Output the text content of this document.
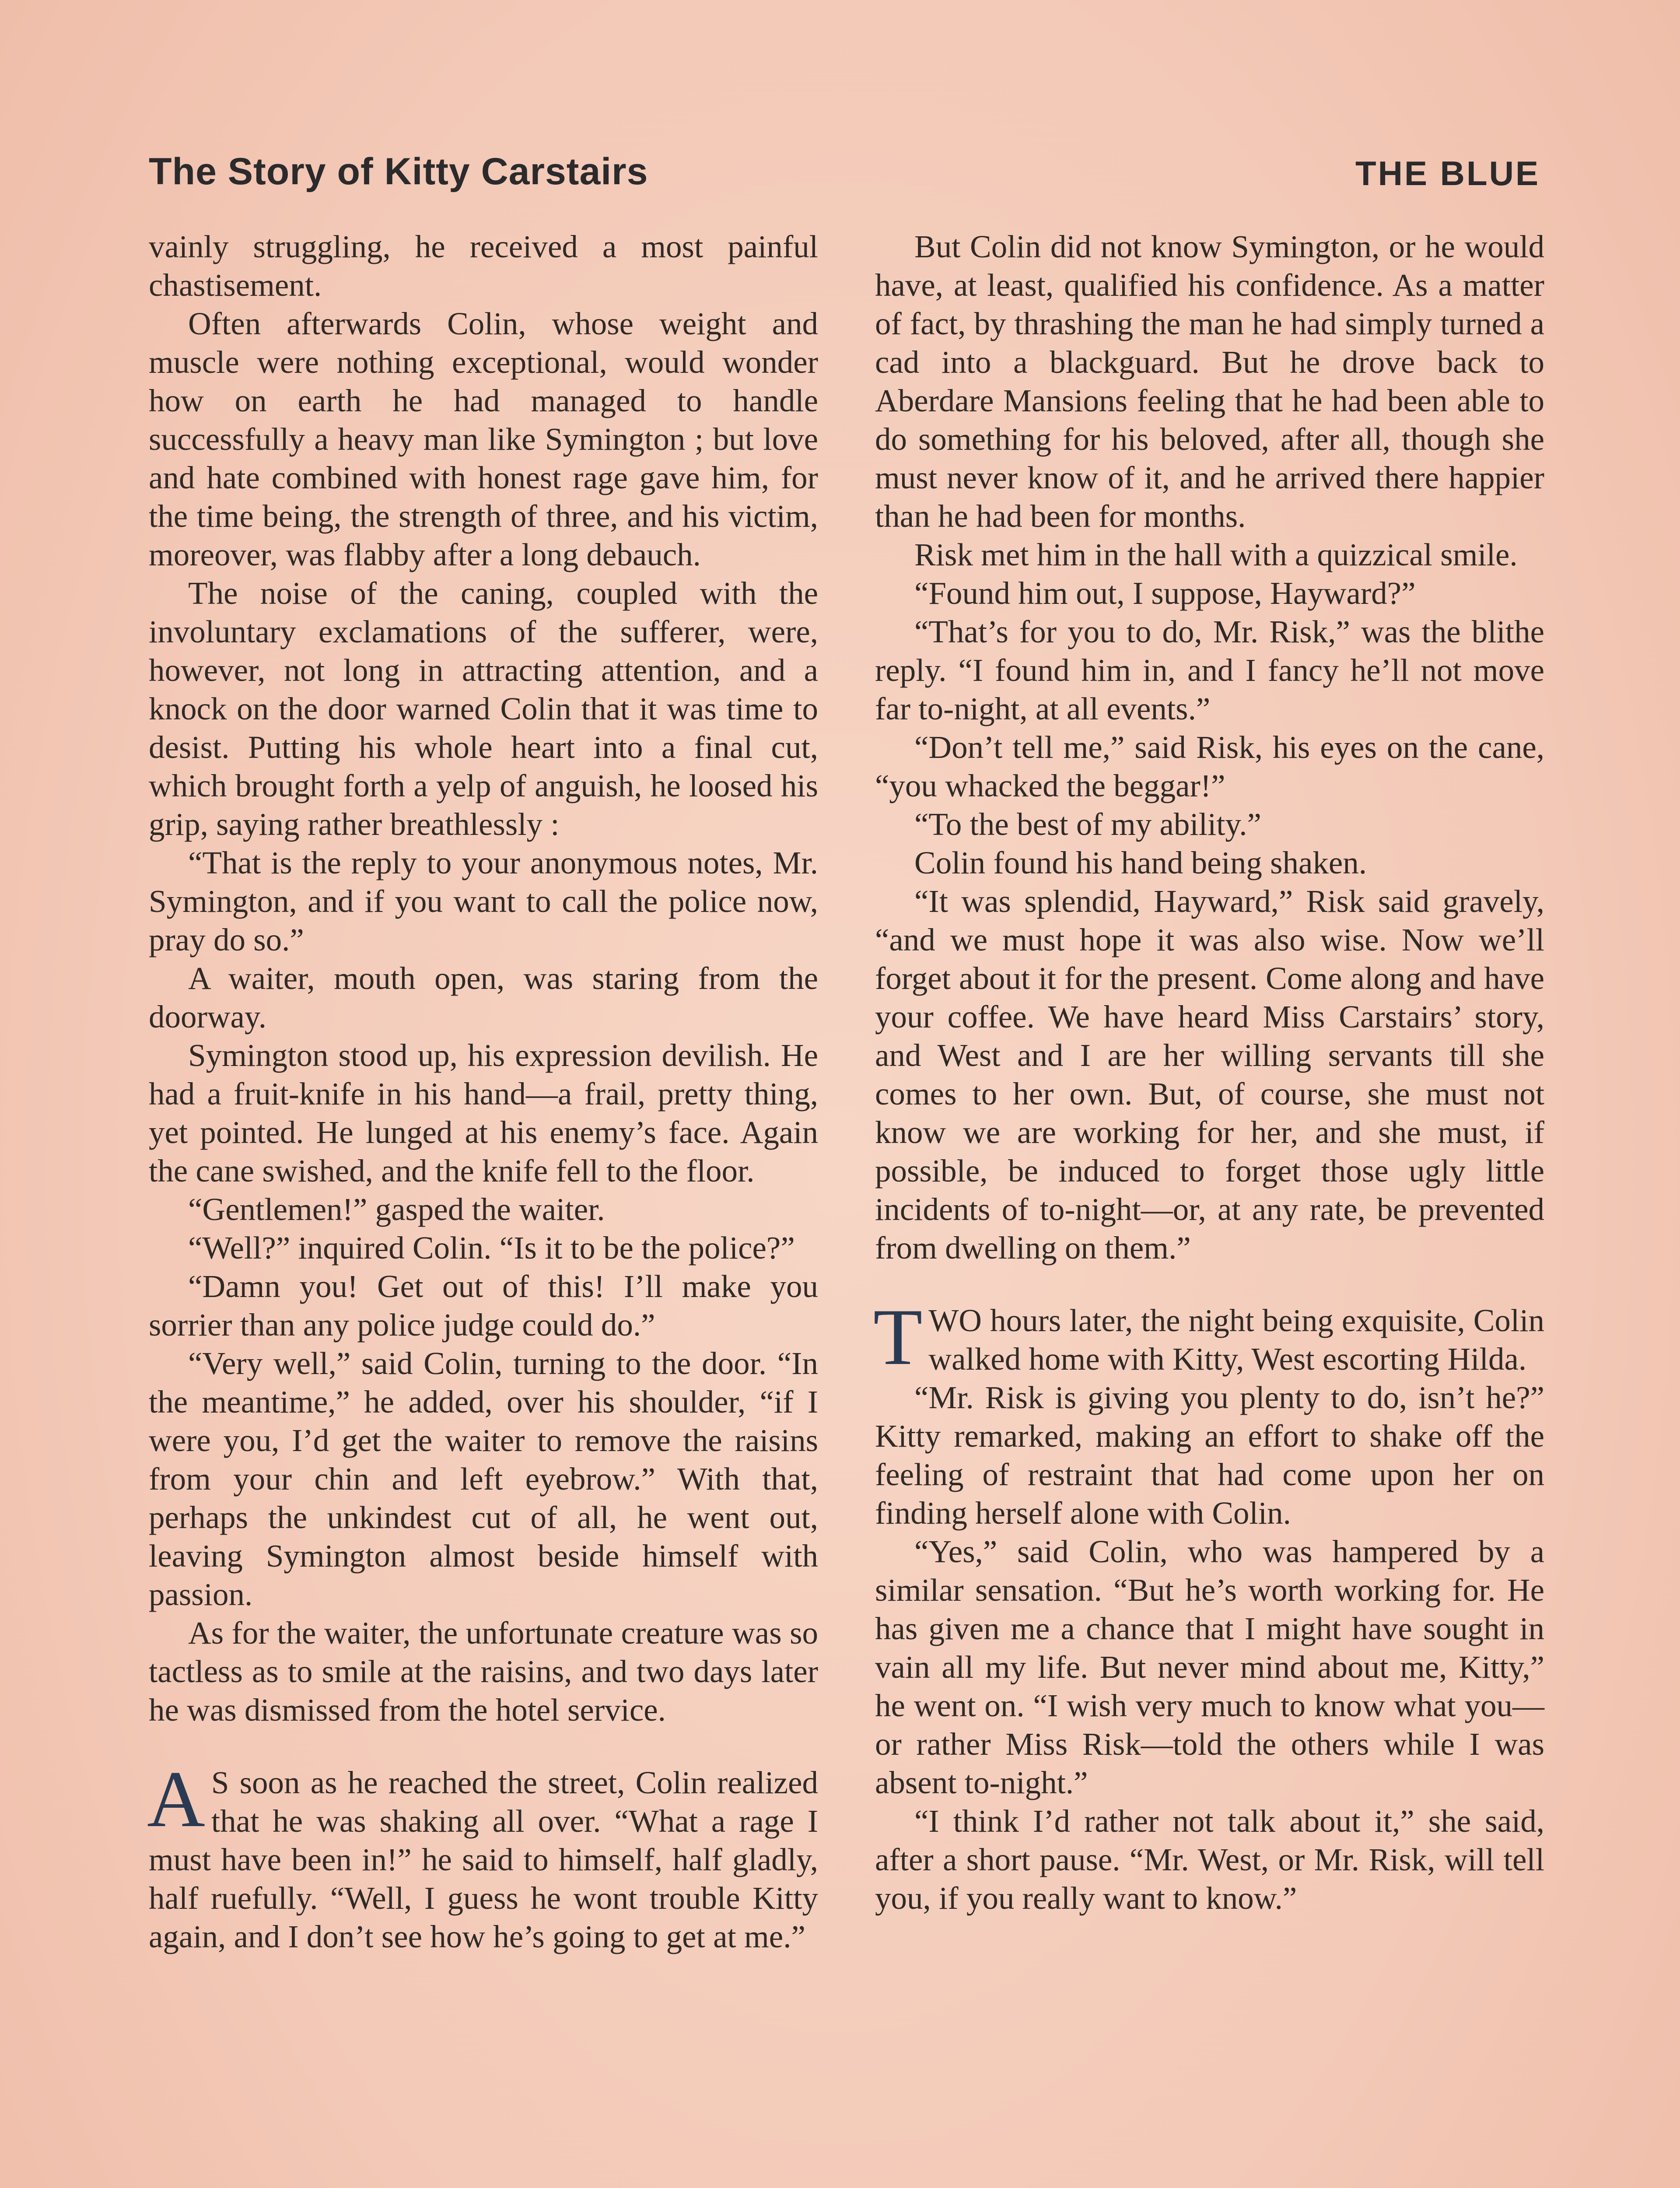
The Story of Kitty Carstairs	THE BLUE

vainly struggling, he received a most painful chastisement.

Often afterwards Colin, whose weight and muscle were nothing exceptional, would wonder how on earth he had managed to handle successfully a heavy man like Symington ; but love and hate combined with honest rage gave him, for the time being, the strength of three, and his victim, moreover, was flabby after a long debauch.

The noise of the caning, coupled with the involuntary exclamations of the sufferer, were, however, not long in attracting attention, and a knock on the door warned Colin that it was time to desist. Putting his whole heart into a final cut, which brought forth a yelp of anguish, he loosed his grip, saying rather breathlessly :

“That is the reply to your anonymous notes, Mr. Symington, and if you want to call the police now, pray do so.”

A waiter, mouth open, was staring from the doorway.

Symington stood up, his expression devilish. He had a fruit-knife in his hand—a frail, pretty thing, yet pointed. He lunged at his enemy’s face. Again the cane swished, and the knife fell to the floor.

“Gentlemen!” gasped the waiter.

“Well?” inquired Colin. “Is it to be the police?”

“Damn you! Get out of this! I’ll make you sorrier than any police judge could do.”

“Very well,” said Colin, turning to the door. “In the meantime,” he added, over his shoulder, “if I were you, I’d get the waiter to remove the raisins from your chin and left eyebrow.” With that, perhaps the unkindest cut of all, he went out, leaving Symington almost beside himself with passion.

As for the waiter, the unfortunate creature was so tactless as to smile at the raisins, and two days later he was dismissed from the hotel service.

A S soon as he reached the street, Colin realized that he was shaking all over. “What a rage I must have been in!” he said to himself, half gladly, half ruefully. “Well, I guess he wont trouble Kitty again, and I don’t see how he’s going to get at me.”

But Colin did not know Symington, or he would have, at least, qualified his confidence. As a matter of fact, by thrashing the man he had simply turned a cad into a blackguard. But he drove back to Aberdare Mansions feeling that he had been able to do something for his beloved, after all, though she must never know of it, and he arrived there happier than he had been for months.

Risk met him in the hall with a quizzical smile.

“Found him out, I suppose, Hayward?”

“That’s for you to do, Mr. Risk,” was the blithe reply. “I found him in, and I fancy he’ll not move far to-night, at all events.”

“Don’t tell me,” said Risk, his eyes on the cane, “you whacked the beggar!”

“To the best of my ability.”

Colin found his hand being shaken.

“It was splendid, Hayward,” Risk said gravely, “and we must hope it was also wise. Now we’ll forget about it for the present. Come along and have your coffee. We have heard Miss Carstairs’ story, and West and I are her willing servants till she comes to her own. But, of course, she must not know we are working for her, and she must, if possible, be induced to forget those ugly little incidents of to-night—or, at any rate, be prevented from dwelling on them.”

TWO hours later, the night being exquisite, Colin walked home with Kitty, West escorting Hilda.

“Mr. Risk is giving you plenty to do, isn’t he?” Kitty remarked, making an effort to shake off the feeling of restraint that had come upon her on finding herself alone with Colin.

“Yes,” said Colin, who was hampered by a similar sensation. “But he’s worth working for. He has given me a chance that I might have sought in vain all my life. But never mind about me, Kitty,” he went on. “I wish very much to know what you—or rather Miss Risk—told the others while I was absent to-night.”

“I think I’d rather not talk about it,” she said, after a short pause. “Mr. West, or Mr. Risk, will tell you, if you really want to know.”
